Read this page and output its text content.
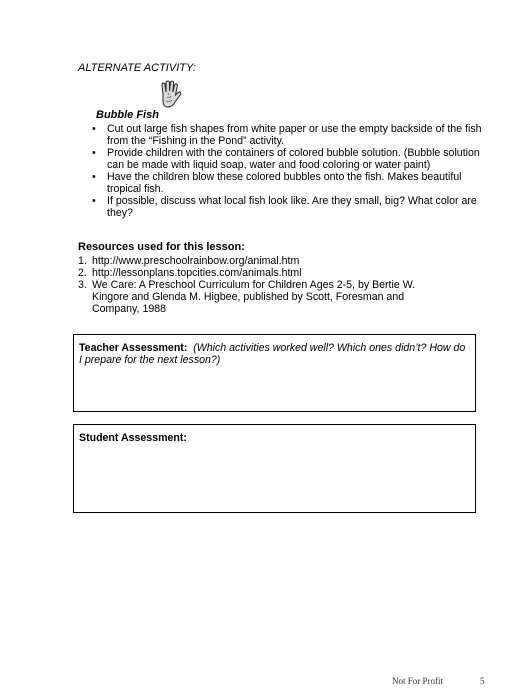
ALTERNATE ACTIVITY:
Bubble Fish
• Cut out large fish shapes from white paper or use the empty backside of the fish from the “Fishing in the Pond” activity.
• Provide children with the containers of colored bubble solution. (Bubble solution can be made with liquid soap, water and food coloring or water paint)
• Have the children blow these colored bubbles onto the fish. Makes beautiful tropical fish.
• If possible, discuss what local fish look like. Are they small, big? What color are they?
Resources used for this lesson:
1. http://www.preschoolrainbow.org/animal.htm
2. http://lessonplans.topcities.com/animals.html
3. We Care: A Preschool Curriculum for Children Ages 2-5, by Bertie W. Kingore and Glenda M. Higbee, published by Scott, Foresman and Company, 1988
Teacher Assessment: (Which activities worked well? Which ones didn’t? How do I prepare for the next lesson?)
Student Assessment:
Not For Profit	5
